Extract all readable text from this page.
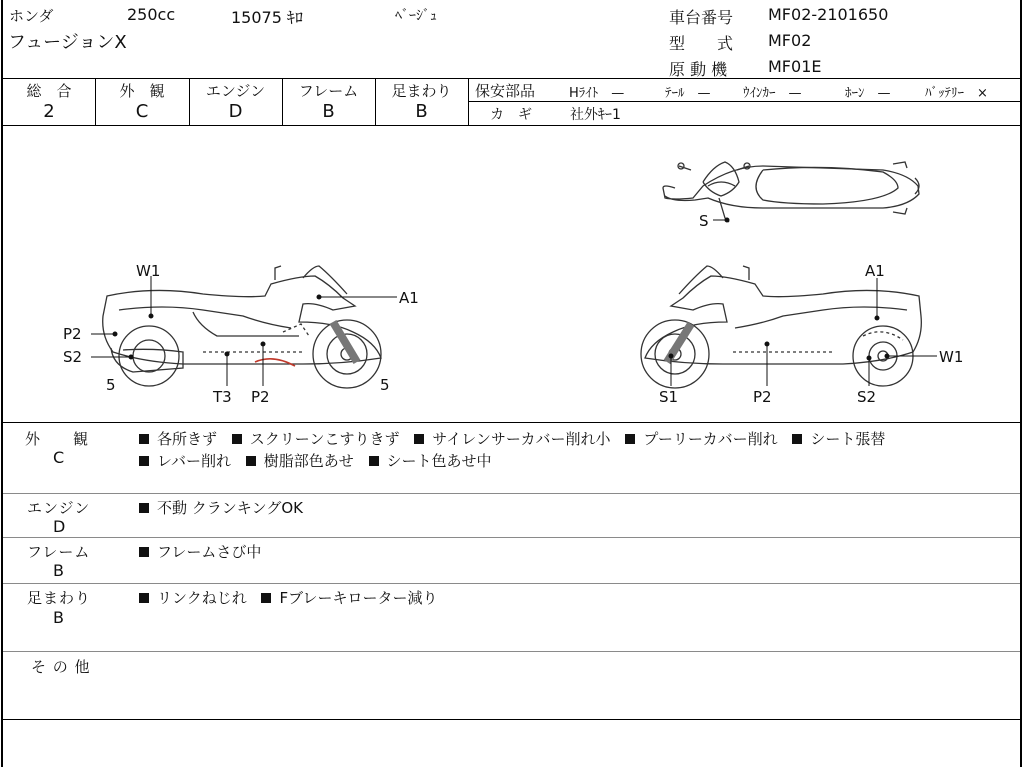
ホンダ	250cc	15075 ｷﾛ	ﾍﾞｰｼﾞｭ
フュージョンX
車台番号 MF02-2101650
型　　式 MF02
原 動 機	MF01E
総　合
2
外　観
C
エンジン
D
フレーム
B
足まわり
B
保安部品	Hﾗｲﾄ　—	ﾃｰﾙ　— ｳｲﾝｶｰ　—	ﾎｰﾝ　—	ﾊﾞｯﾃﾘｰ　×
カ　ギ	社外ｷｰ1
S
W1
A1
P2
S2
5	5
T3 P2
A1
W1
S1	P2	S2
外　　観
C
各所きず スクリーンこすりきず サイレンサーカバー削れ小 プーリーカバー削れ シート張替
レバー削れ 樹脂部色あせ シート色あせ中
エンジン
D
不動 クランキングOK
フレーム
B
フレームさび中
足まわり
B
リンクねじれ Fブレーキローター減り
そ の 他
